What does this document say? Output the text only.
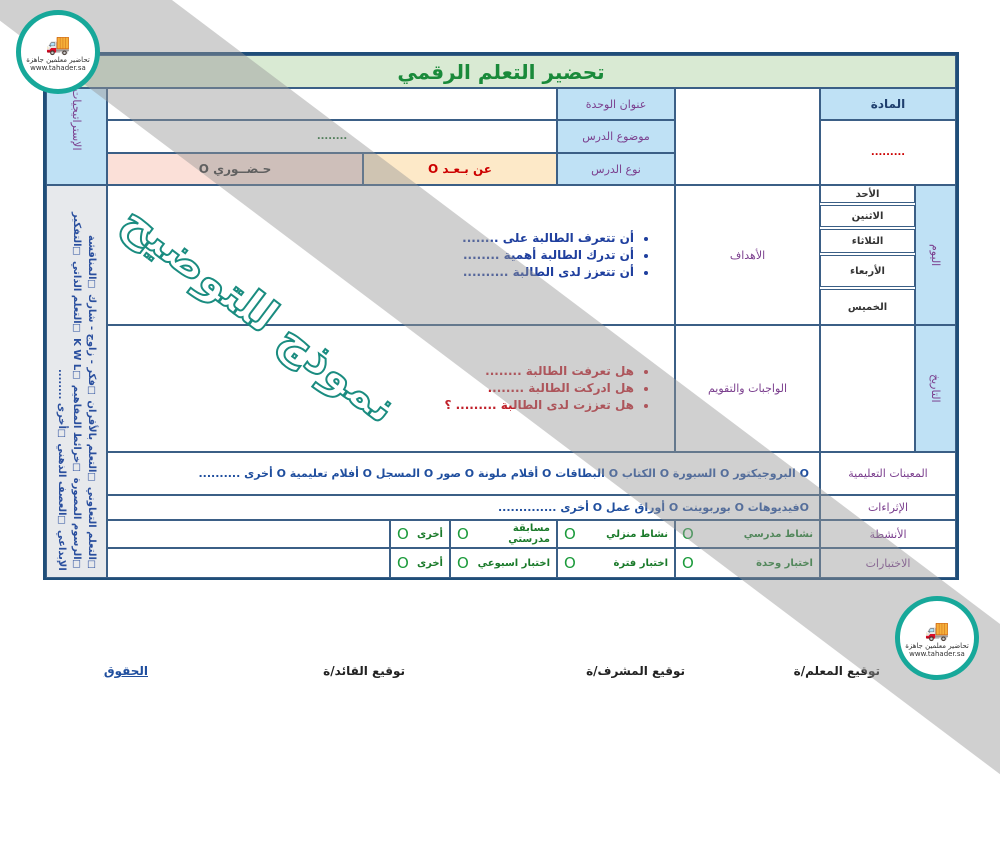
تحضير التعلم الرقمي
المادة
.........
عنوان الوحدة
موضوع الدرس
نوع الدرس
........
عن بـعـد O
حـضــوري O
الإستراتيجيات
☐التعلم التعاوني ☐التعلم بالأقران ☐فكر - زاوج - شارك ☐المناقشة ☐الرسوم المصورة ☐خرائط المفاهيم ☐K W L ☐التعلم الذاتي ☐التفكير الإبداعي ☐العصف الذهني ☐أخرى ........
اليوم
التاريخ
الأحد
الاثنين
الثلاثاء
الأربعاء
الخميس
الأهداف
• أن تتعرف الطالبة على ........
• أن تدرك الطالبة أهمية ........
• أن تتعزز لدى الطالبة ..........
الواجبات والتقويم
• هل تعرفت الطالبة ........
• هل ادركت الطالبة ........
• هل تعززت لدى الطالبة ......... ؟
المعينات التعليمية
O البروجيكتور O السبورة O الكتاب O البطاقات O أقلام ملونة O صور O المسجل O أفلام تعليمية O أخرى ..........
الإثراءات
Oفيديوهات O بوربوينت O أوراق عمل O أخرى ..............
الأنشطة
نشاط مدرسي
O
نشاط منزلي
O
مسابقة مدرستي
O
أخرى
O
الاختبارات
اختبار وحدة
O
اختبار فترة
O
اختبار اسبوعي
O
أخرى
O
توقيع المعلم/ة
توقيع المشرف/ة
توقيع القائد/ة
الحقوق
نموذج للتوضيح
🚚
تحاضير معلمين جاهزة
www.tahader.sa
🚚
تحاضير معلمين جاهزة
www.tahader.sa
